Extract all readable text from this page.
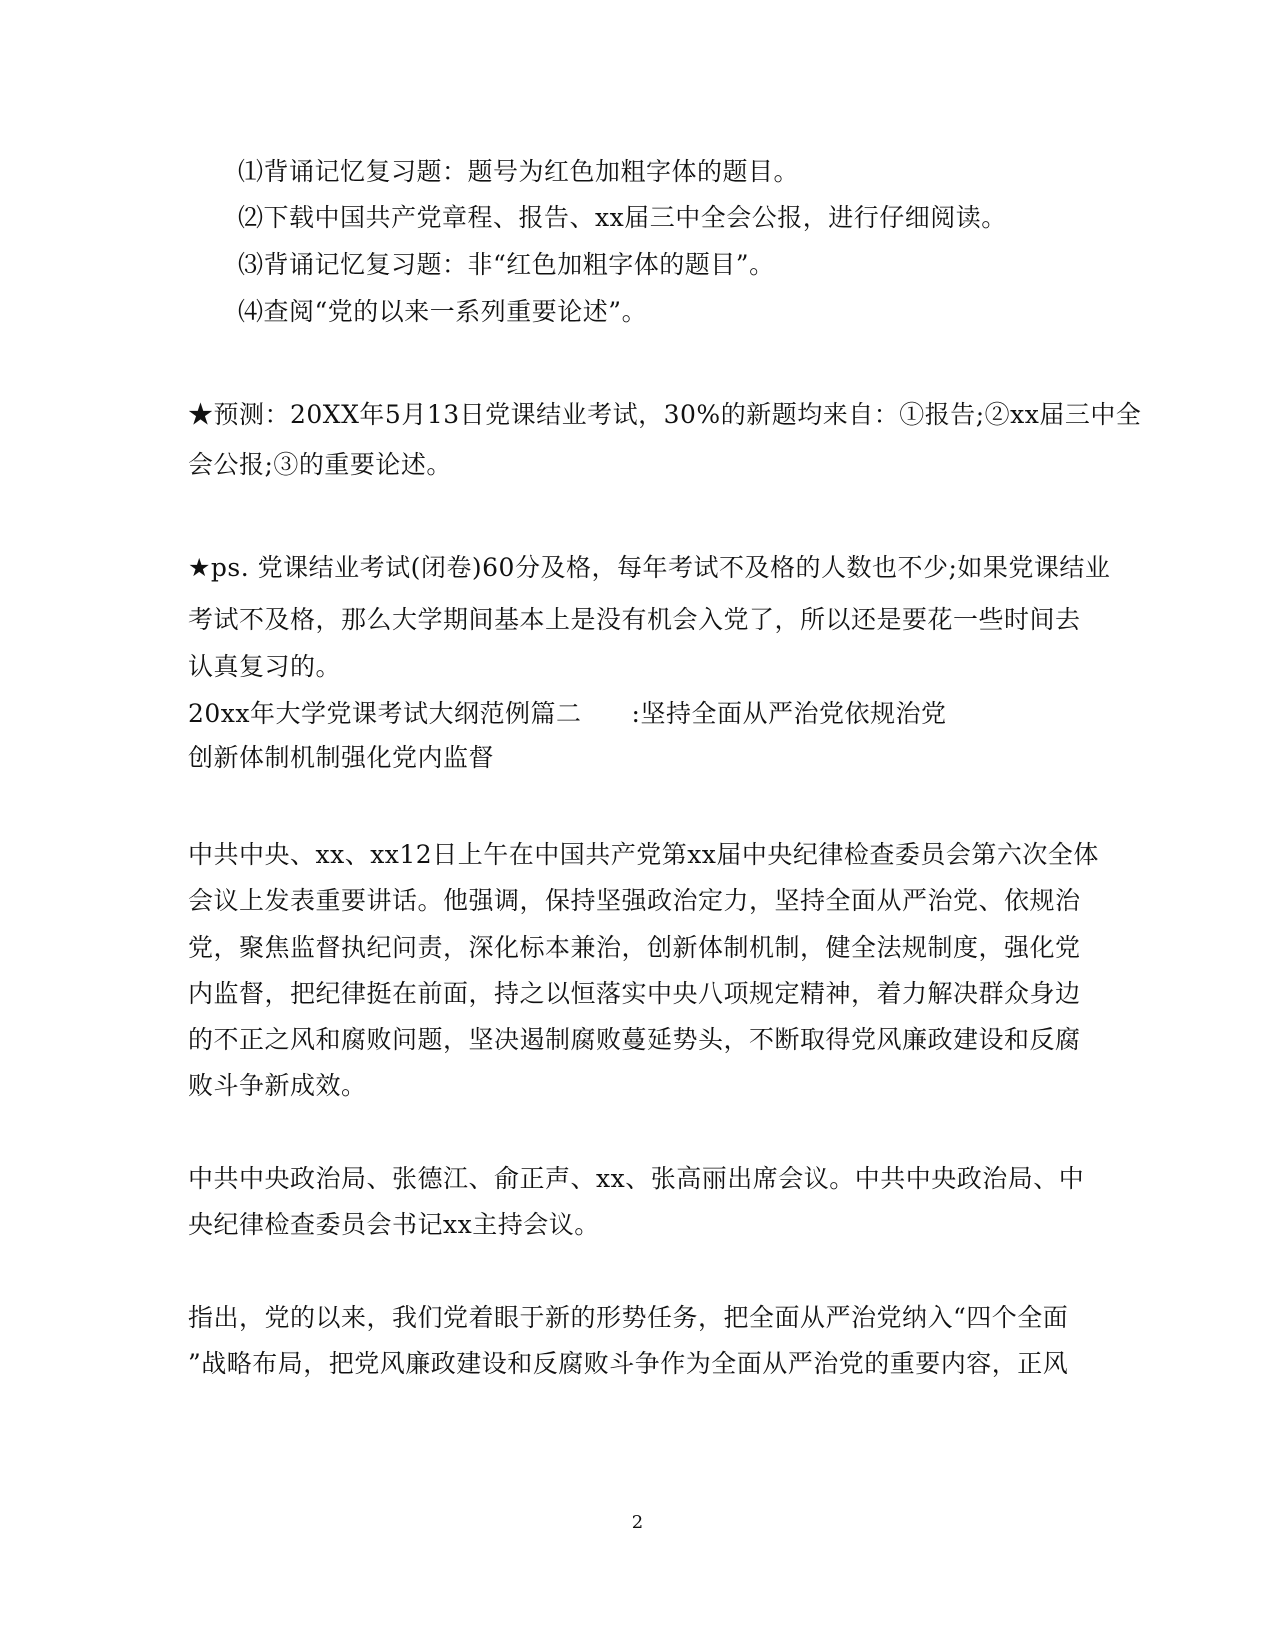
⑴背诵记忆复习题：题号为红色加粗字体的题目。
⑵下载中国共产党章程、报告、xx届三中全会公报，进行仔细阅读。
⑶背诵记忆复习题：非“红色加粗字体的题目”。
⑷查阅“党的以来一系列重要论述”。
★预测：20XX年5月13日党课结业考试，30%的新题均来自：①报告;②xx届三中全
会公报;③的重要论述。
★ps. 党课结业考试(闭卷)60分及格，每年考试不及格的人数也不少;如果党课结业
考试不及格，那么大学期间基本上是没有机会入党了，所以还是要花一些时间去
认真复习的。
20xx年大学党课考试大纲范例篇二 :坚持全面从严治党依规治党
创新体制机制强化党内监督
中共中央、xx、xx12日上午在中国共产党第xx届中央纪律检查委员会第六次全体
会议上发表重要讲话。他强调，保持坚强政治定力，坚持全面从严治党、依规治
党，聚焦监督执纪问责，深化标本兼治，创新体制机制，健全法规制度，强化党
内监督，把纪律挺在前面，持之以恒落实中央八项规定精神，着力解决群众身边
的不正之风和腐败问题，坚决遏制腐败蔓延势头，不断取得党风廉政建设和反腐
败斗争新成效。
中共中央政治局、张德江、俞正声、xx、张高丽出席会议。中共中央政治局、中
央纪律检查委员会书记xx主持会议。
指出，党的以来，我们党着眼于新的形势任务，把全面从严治党纳入“四个全面
”战略布局，把党风廉政建设和反腐败斗争作为全面从严治党的重要内容，正风
2
